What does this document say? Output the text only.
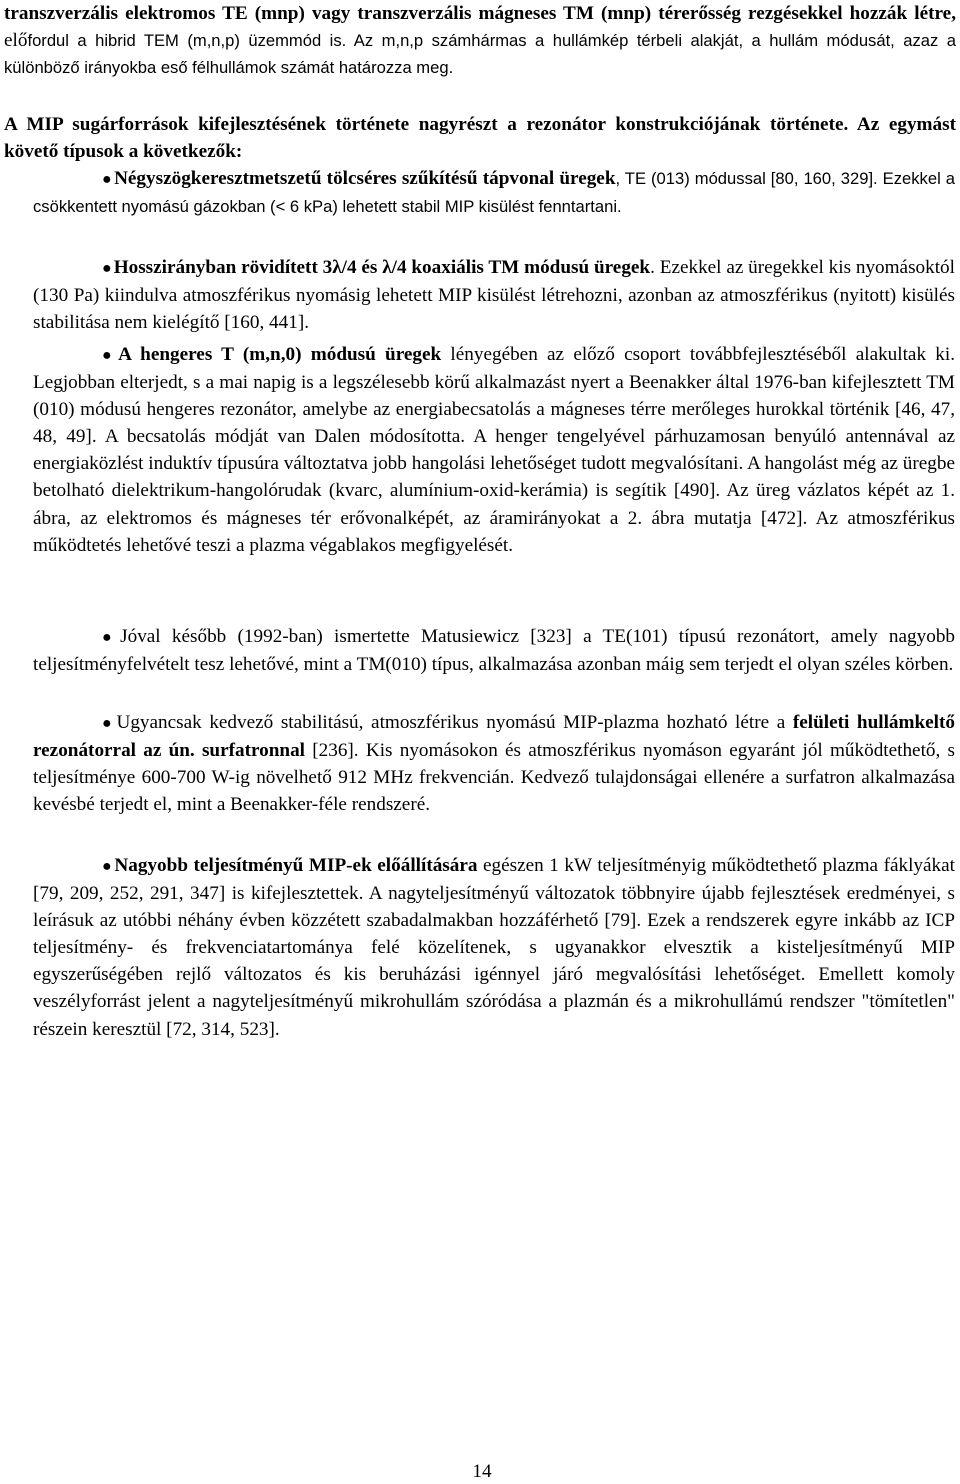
transzverzális elektromos TE (mnp) vagy transzverzális mágneses TM (mnp) térerősség rezgésekkel hozzák létre, előfordul a hibrid TEM (m,n,p) üzemmód is. Az m,n,p számhármas a hullámkép térbeli alakját, a hullám módusát, azaz a különböző irányokba eső félhullámok számát határozza meg.

A MIP sugárforrások kifejlesztésének története nagyrészt a rezonátor konstrukciójának története. Az egymást követő típusok a következők:

● Négyszögkeresztmetszetű tölcséres szűkítésű tápvonal üregek, TE (013) módussal [80, 160, 329]. Ezekkel a csökkentett nyomású gázokban (< 6 kPa) lehetett stabil MIP kisülést fenntartani.

● Hosszirányban rövidített 3λ/4 és λ/4 koaxiális TM módusú üregek. Ezekkel az üregekkel kis nyomásoktól (130 Pa) kiindulva atmoszférikus nyomásig lehetett MIP kisülést létrehozni, azonban az atmoszférikus (nyitott) kisülés stabilitása nem kielégítő [160, 441].

● A hengeres T (m,n,0) módusú üregek lényegében az előző csoport továbbfejlesztéséből alakultak ki. Legjobban elterjedt, s a mai napig is a legszélesebb körű alkalmazást nyert a Beenakker által 1976-ban kifejlesztett TM (010) módusú hengeres rezonátor, amelybe az energiabecsatolás a mágneses térre merőleges hurokkal történik [46, 47, 48, 49]. A becsatolás módját van Dalen módosította. A henger tengelyével párhuzamosan benyúló antennával az energiaközlést induktív típusúra változtatva jobb hangolási lehetőséget tudott megvalósítani. A hangolást még az üregbe betolható dielektrikum-hangolórudak (kvarc, alumínium-oxid-kerámia) is segítik [490]. Az üreg vázlatos képét az 1. ábra, az elektromos és mágneses tér erővonalképét, az áramirányokat a 2. ábra mutatja [472]. Az atmoszférikus működtetés lehetővé teszi a plazma végablakos megfigyelését.

● Jóval később (1992-ban) ismertette Matusiewicz [323] a TE(101) típusú rezonátort, amely nagyobb teljesítményfelvételt tesz lehetővé, mint a TM(010) típus, alkalmazása azonban máig sem terjedt el olyan széles körben.

● Ugyancsak kedvező stabilitású, atmoszférikus nyomású MIP-plazma hozható létre a felületi hullámkeltő rezonátorral az ún. surfatronnal [236]. Kis nyomásokon és atmoszférikus nyomáson egyaránt jól működtethető, s teljesítménye 600-700 W-ig növelhető 912 MHz frekvencián. Kedvező tulajdonságai ellenére a surfatron alkalmazása kevésbé terjedt el, mint a Beenakker-féle rendszeré.

● Nagyobb teljesítményű MIP-ek előállítására egészen 1 kW teljesítményig működtethető plazma fáklyákat [79, 209, 252, 291, 347] is kifejlesztettek. A nagyteljesítményű változatok többnyire újabb fejlesztések eredményei, s leírásuk az utóbbi néhány évben közzétett szabadalmakban hozzáférhető [79]. Ezek a rendszerek egyre inkább az ICP teljesítmény- és frekvenciatartománya felé közelítenek, s ugyanakkor elvesztik a kisteljesítményű MIP egyszerűségében rejlő változatos és kis beruházási igénnyel járó megvalósítási lehetőséget. Emellett komoly veszélyforrást jelent a nagyteljesítményű mikrohullám szóródása a plazmán és a mikrohullámú rendszer "tömítetlen" részein keresztül [72, 314, 523].

14
